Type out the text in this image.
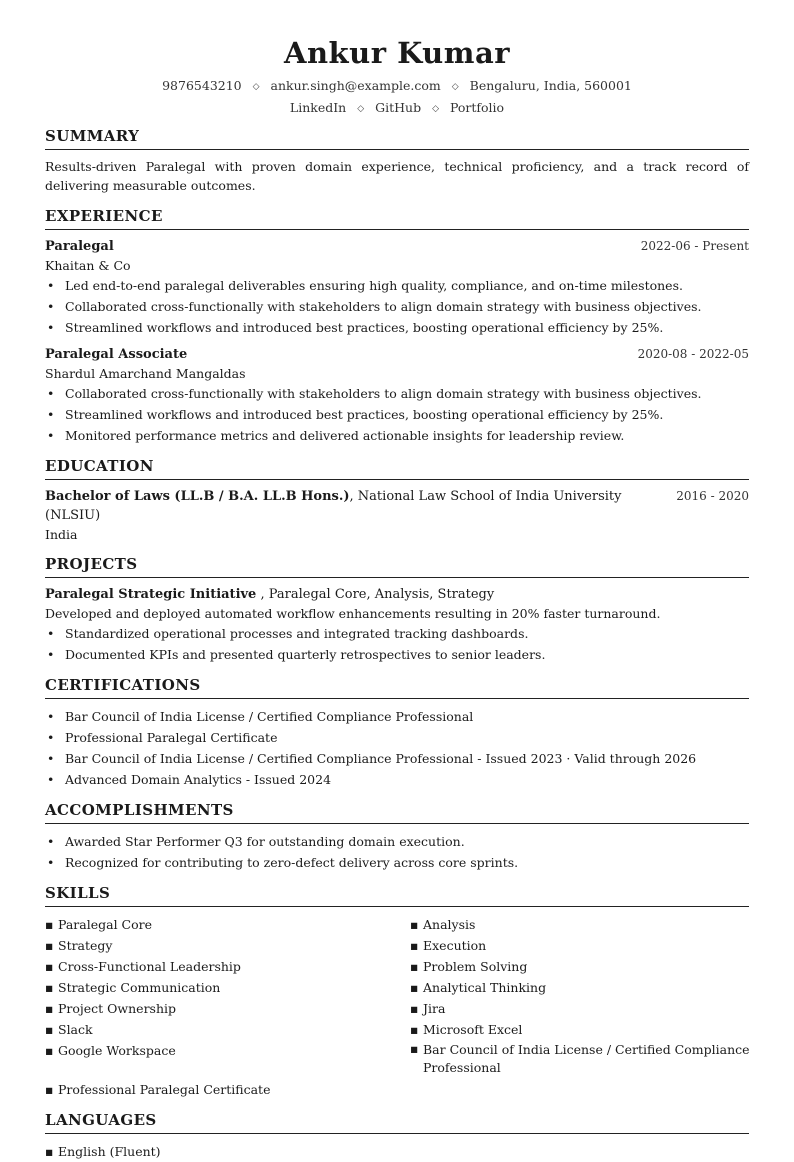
Ankur Kumar
9876543210 ◇ ankur.singh@example.com ◇ Bengaluru, India, 560001
LinkedIn ◇ GitHub ◇ Portfolio
SUMMARY

Results-driven Paralegal with proven domain experience, technical proficiency, and a track record of delivering measurable outcomes.

EXPERIENCE
Paralegal	2022-06 - Present
Khaitan & Co
• Led end-to-end paralegal deliverables ensuring high quality, compliance, and on-time milestones.
• Collaborated cross-functionally with stakeholders to align domain strategy with business objectives.
• Streamlined workflows and introduced best practices, boosting operational efficiency by 25%.
Paralegal Associate	2020-08 - 2022-05
Shardul Amarchand Mangaldas
• Collaborated cross-functionally with stakeholders to align domain strategy with business objectives.
• Streamlined workflows and introduced best practices, boosting operational efficiency by 25%.
• Monitored performance metrics and delivered actionable insights for leadership review.
EDUCATION
Bachelor of Laws (LL.B / B.A. LL.B Hons.), National Law School of India University (NLSIU)
2016 - 2020
India
PROJECTS
Paralegal Strategic Initiative , Paralegal Core, Analysis, Strategy
Developed and deployed automated workflow enhancements resulting in 20% faster turnaround.
• Standardized operational processes and integrated tracking dashboards.
• Documented KPIs and presented quarterly retrospectives to senior leaders.
CERTIFICATIONS
• Bar Council of India License / Certified Compliance Professional
• Professional Paralegal Certificate
• Bar Council of India License / Certified Compliance Professional - Issued 2023 · Valid through 2026
• Advanced Domain Analytics - Issued 2024
ACCOMPLISHMENTS
• Awarded Star Performer Q3 for outstanding domain execution.
• Recognized for contributing to zero-defect delivery across core sprints.
SKILLS
▪ Paralegal Core
▪ Strategy
▪ Cross-Functional Leadership
▪ Strategic Communication
▪ Project Ownership
▪ Slack
▪ Google Workspace
▪ Professional Paralegal Certificate
▪ Analysis
▪ Execution
▪ Problem Solving
▪ Analytical Thinking
▪ Jira
▪ Microsoft Excel
▪ Bar Council of India License / Certified Compliance Professional
LANGUAGES
▪ English (Fluent)
